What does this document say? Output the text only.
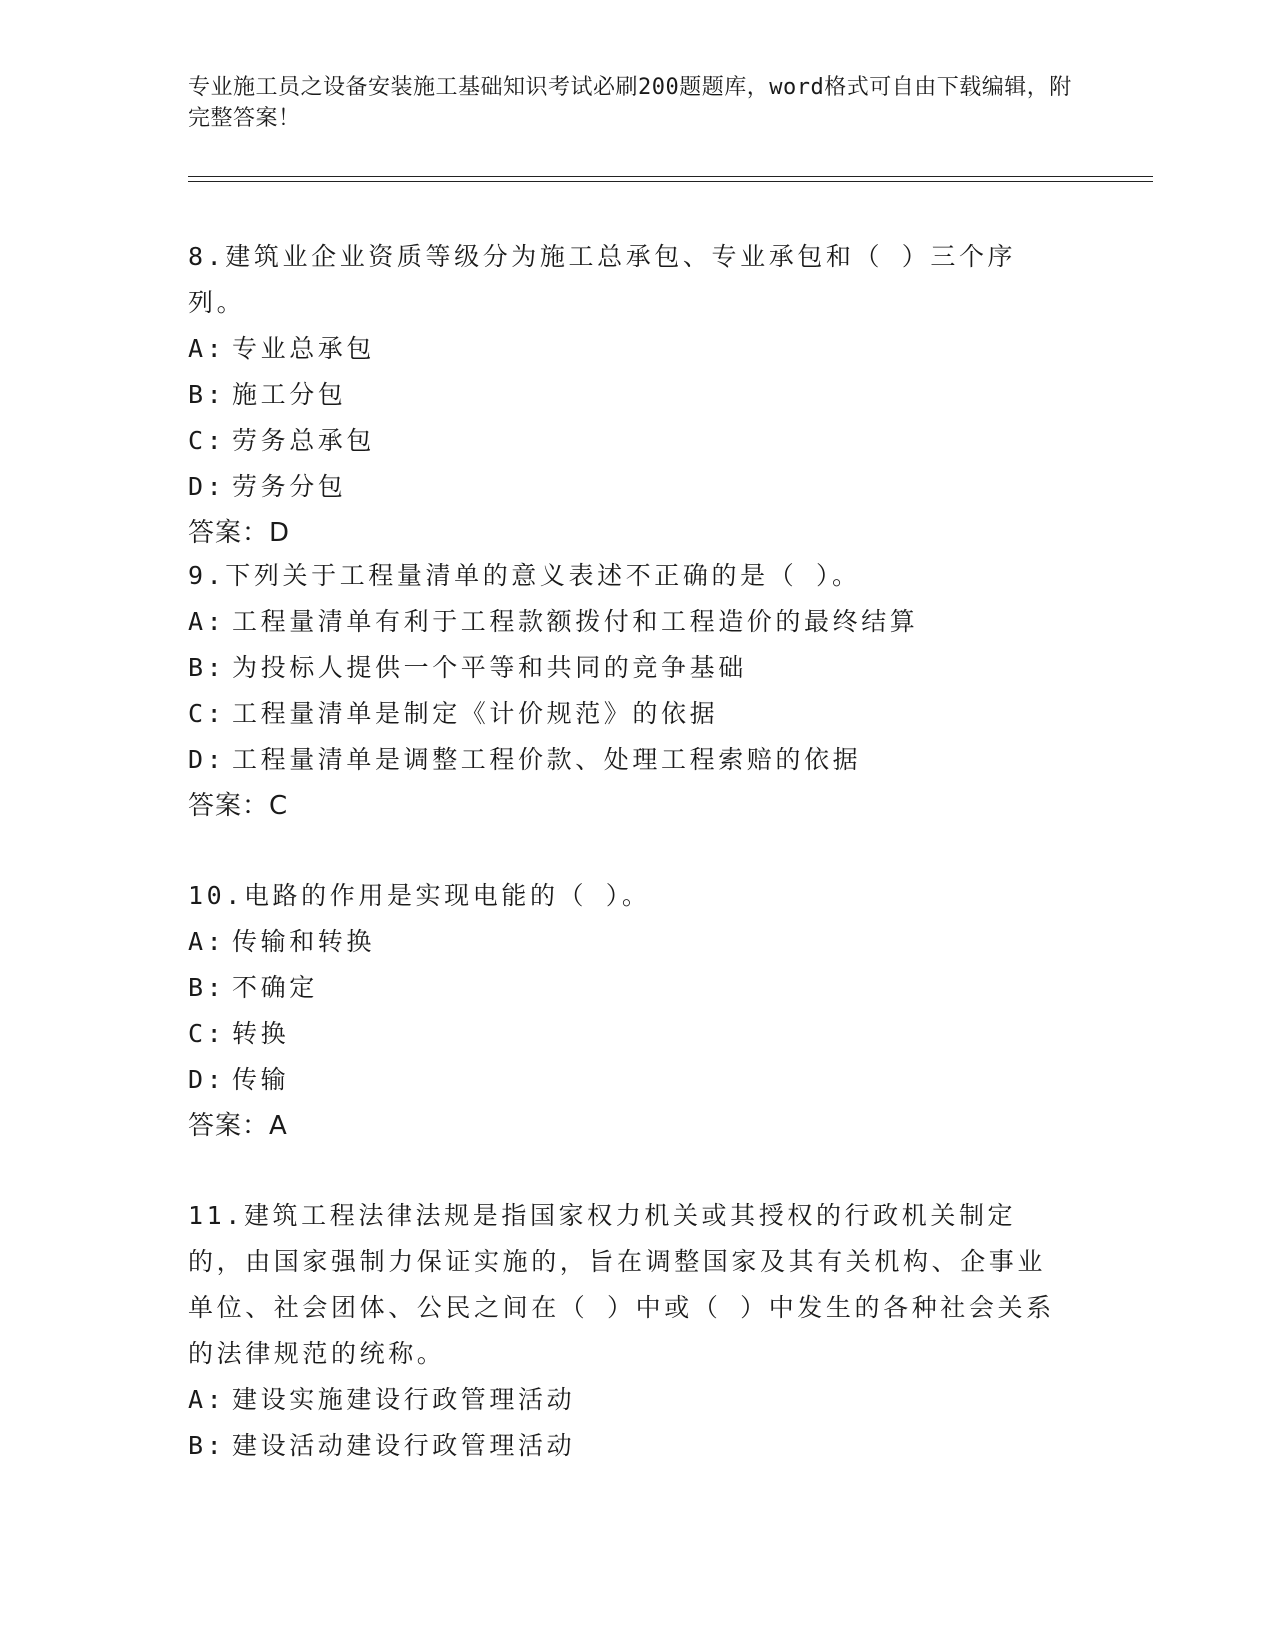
专业施工员之设备安装施工基础知识考试必刷200题题库，word格式可自由下载编辑，附完整答案！
8.建筑业企业资质等级分为施工总承包、专业承包和（ ）三个序列。
A: 专业总承包
B: 施工分包
C: 劳务总承包
D: 劳务分包
答案：D
9.下列关于工程量清单的意义表述不正确的是（ ）。
A: 工程量清单有利于工程款额拨付和工程造价的最终结算
B: 为投标人提供一个平等和共同的竞争基础
C: 工程量清单是制定《计价规范》的依据
D: 工程量清单是调整工程价款、处理工程索赔的依据
答案：C
10.电路的作用是实现电能的（ ）。
A: 传输和转换
B: 不确定
C: 转换
D: 传输
答案：A
11.建筑工程法律法规是指国家权力机关或其授权的行政机关制定的，由国家强制力保证实施的，旨在调整国家及其有关机构、企事业单位、社会团体、公民之间在（ ）中或（ ）中发生的各种社会关系的法律规范的统称。
A: 建设实施建设行政管理活动
B: 建设活动建设行政管理活动
